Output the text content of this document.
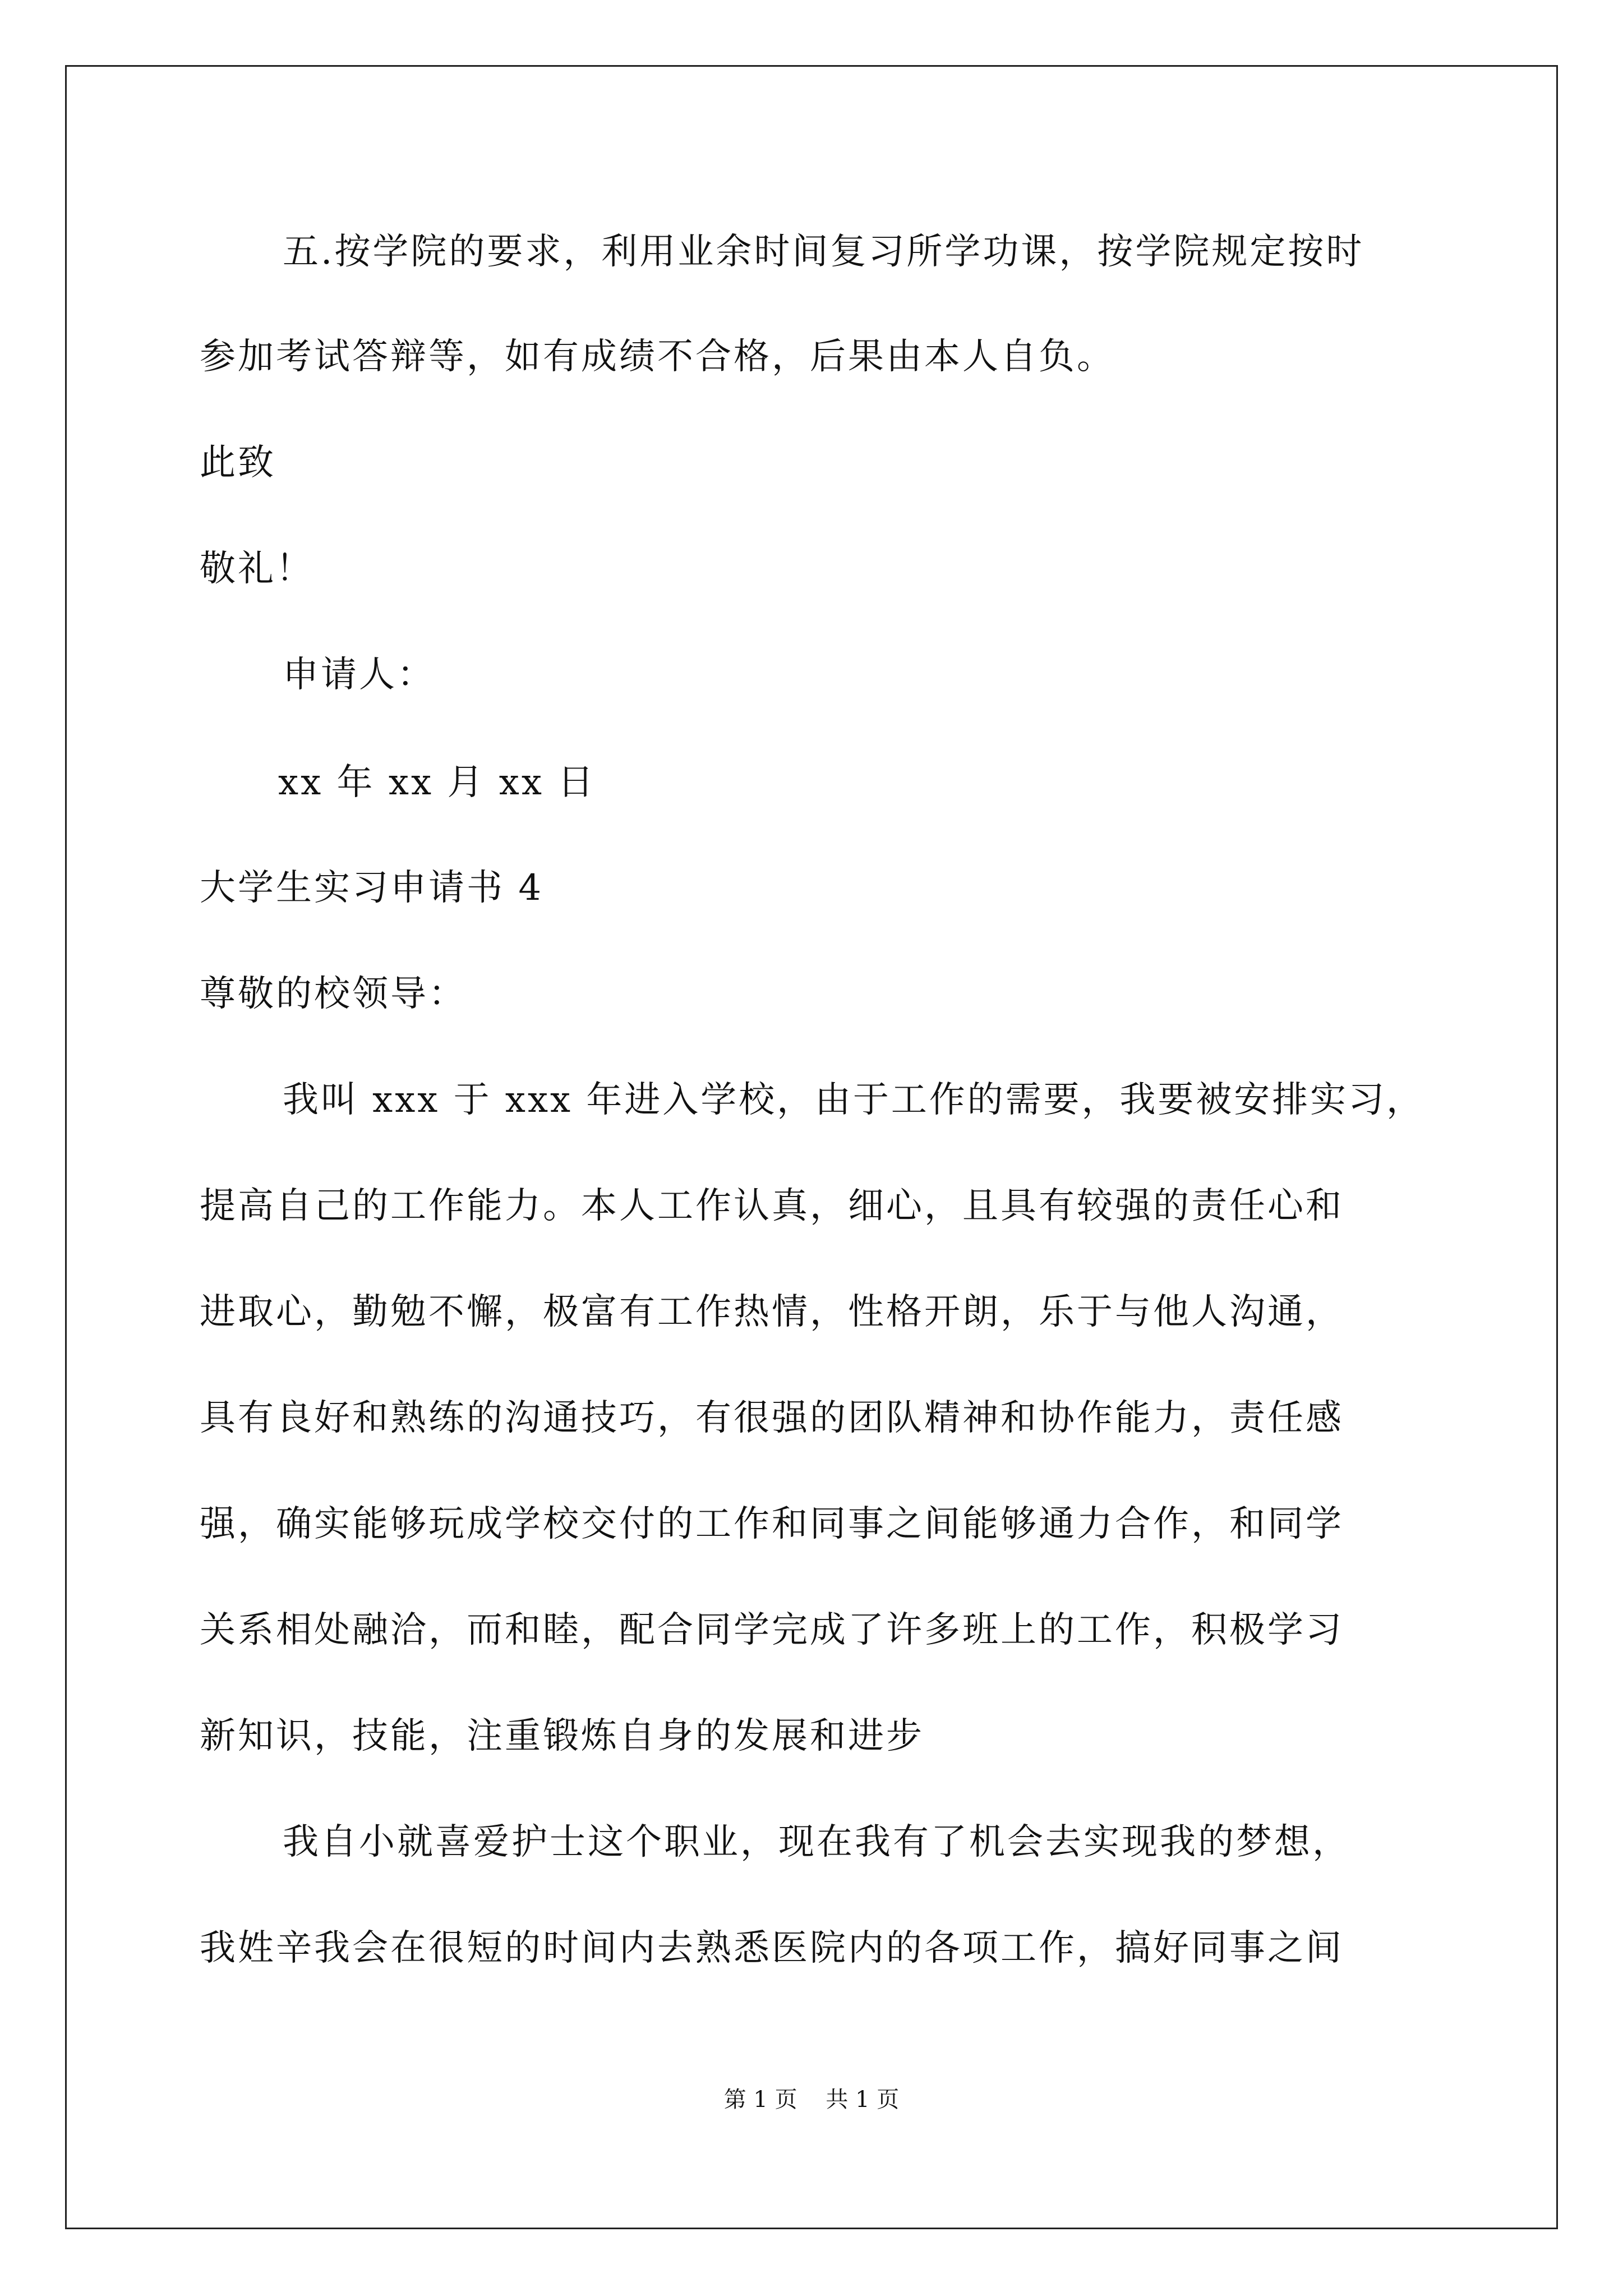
五.按学院的要求，利用业余时间复习所学功课，按学院规定按时
参加考试答辩等，如有成绩不合格，后果由本人自负。
此致
敬礼！
申请人：
xx 年 xx 月 xx 日
大学生实习申请书 4
尊敬的校领导：
我叫 xxx 于 xxx 年进入学校，由于工作的需要，我要被安排实习，
提高自己的工作能力。本人工作认真，细心，且具有较强的责任心和
进取心，勤勉不懈，极富有工作热情，性格开朗，乐于与他人沟通，
具有良好和熟练的沟通技巧，有很强的团队精神和协作能力，责任感
强，确实能够玩成学校交付的工作和同事之间能够通力合作，和同学
关系相处融洽，而和睦，配合同学完成了许多班上的工作，积极学习
新知识，技能，注重锻炼自身的发展和进步
我自小就喜爱护士这个职业，现在我有了机会去实现我的梦想，
我姓辛我会在很短的时间内去熟悉医院内的各项工作，搞好同事之间
第 1 页    共 1 页
